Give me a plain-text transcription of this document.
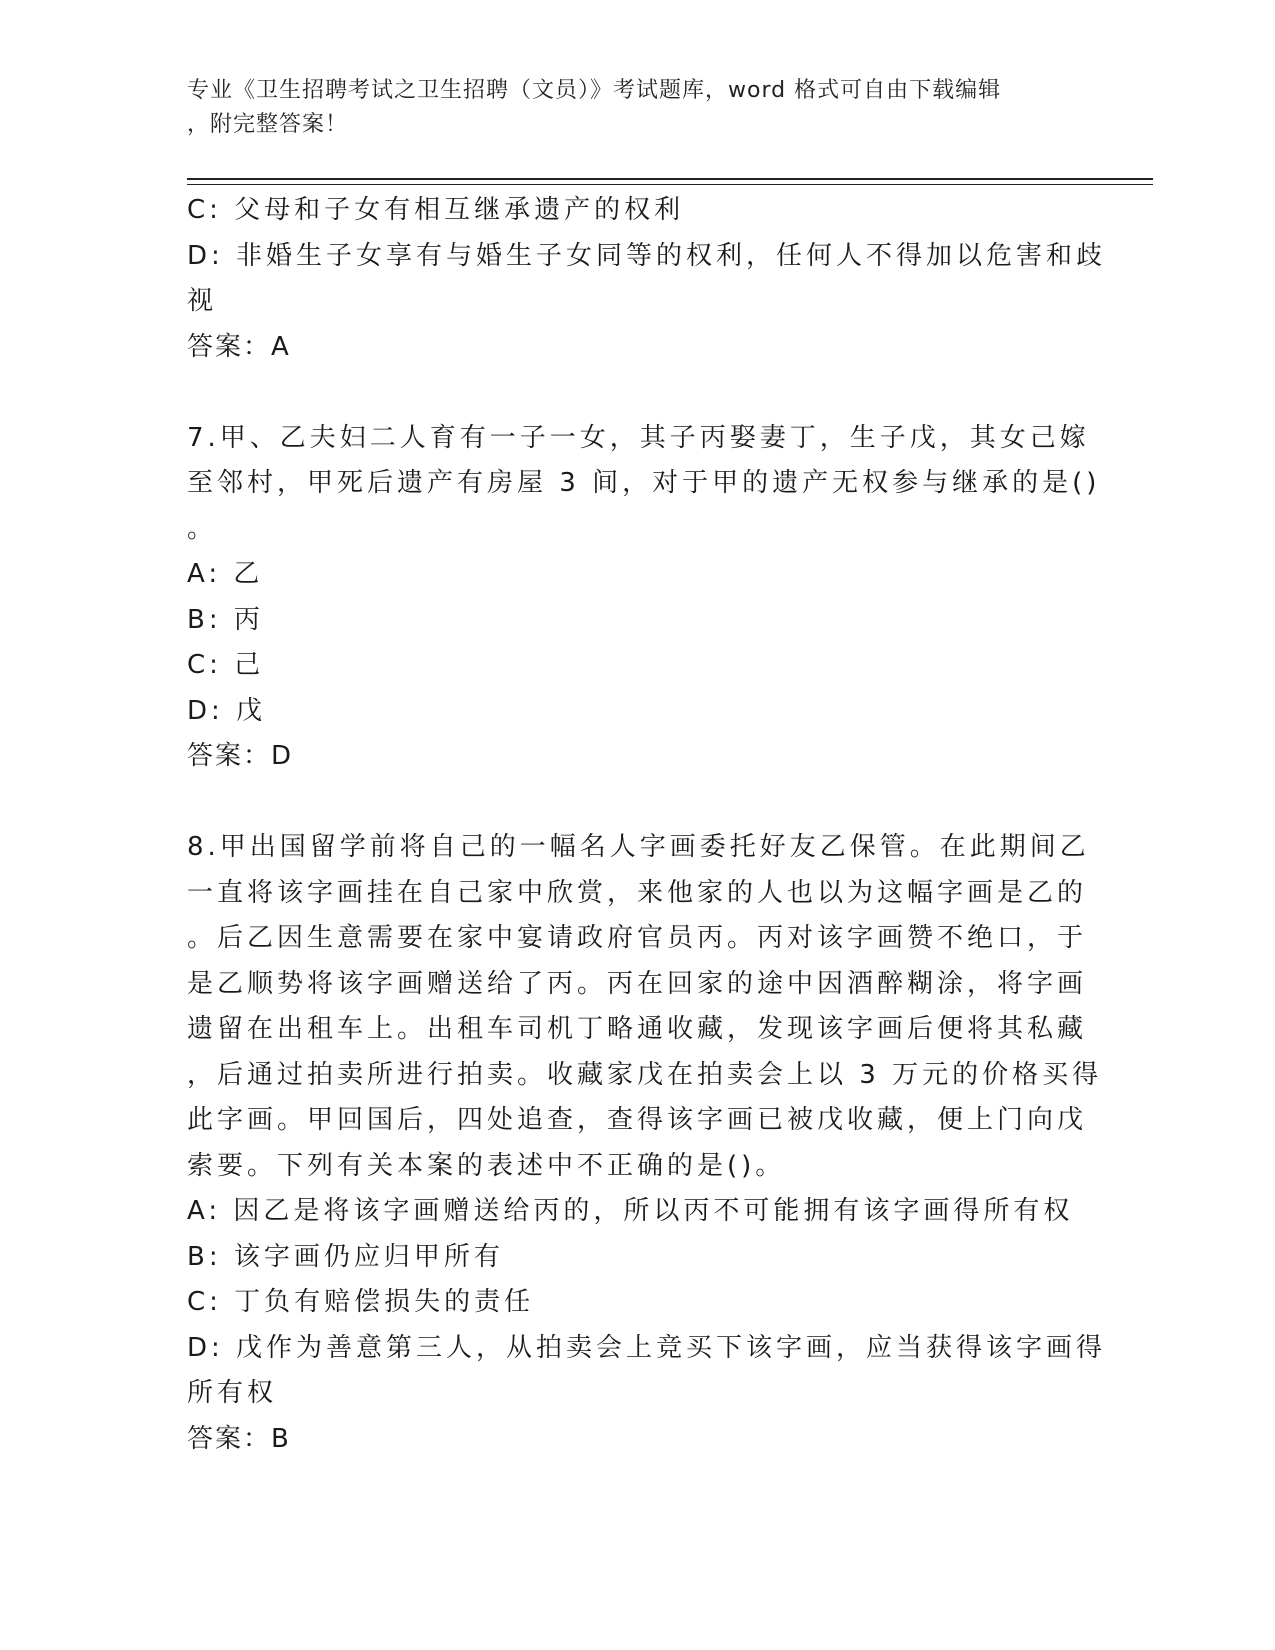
专业《卫生招聘考试之卫生招聘（文员）》考试题库，word 格式可自由下载编辑
，附完整答案！
C: 父母和子女有相互继承遗产的权利
D: 非婚生子女享有与婚生子女同等的权利，任何人不得加以危害和歧
视
答案：A
7.甲、乙夫妇二人育有一子一女，其子丙娶妻丁，生子戊，其女己嫁
至邻村，甲死后遗产有房屋 3 间，对于甲的遗产无权参与继承的是()
。
A: 乙
B: 丙
C: 己
D: 戊
答案：D
8.甲出国留学前将自己的一幅名人字画委托好友乙保管。在此期间乙
一直将该字画挂在自己家中欣赏，来他家的人也以为这幅字画是乙的
。后乙因生意需要在家中宴请政府官员丙。丙对该字画赞不绝口，于
是乙顺势将该字画赠送给了丙。丙在回家的途中因酒醉糊涂，将字画
遗留在出租车上。出租车司机丁略通收藏，发现该字画后便将其私藏
，后通过拍卖所进行拍卖。收藏家戊在拍卖会上以 3 万元的价格买得
此字画。甲回国后，四处追查，查得该字画已被戊收藏，便上门向戊
索要。下列有关本案的表述中不正确的是()。
A: 因乙是将该字画赠送给丙的，所以丙不可能拥有该字画得所有权
B: 该字画仍应归甲所有
C: 丁负有赔偿损失的责任
D: 戊作为善意第三人，从拍卖会上竞买下该字画，应当获得该字画得
所有权
答案：B
